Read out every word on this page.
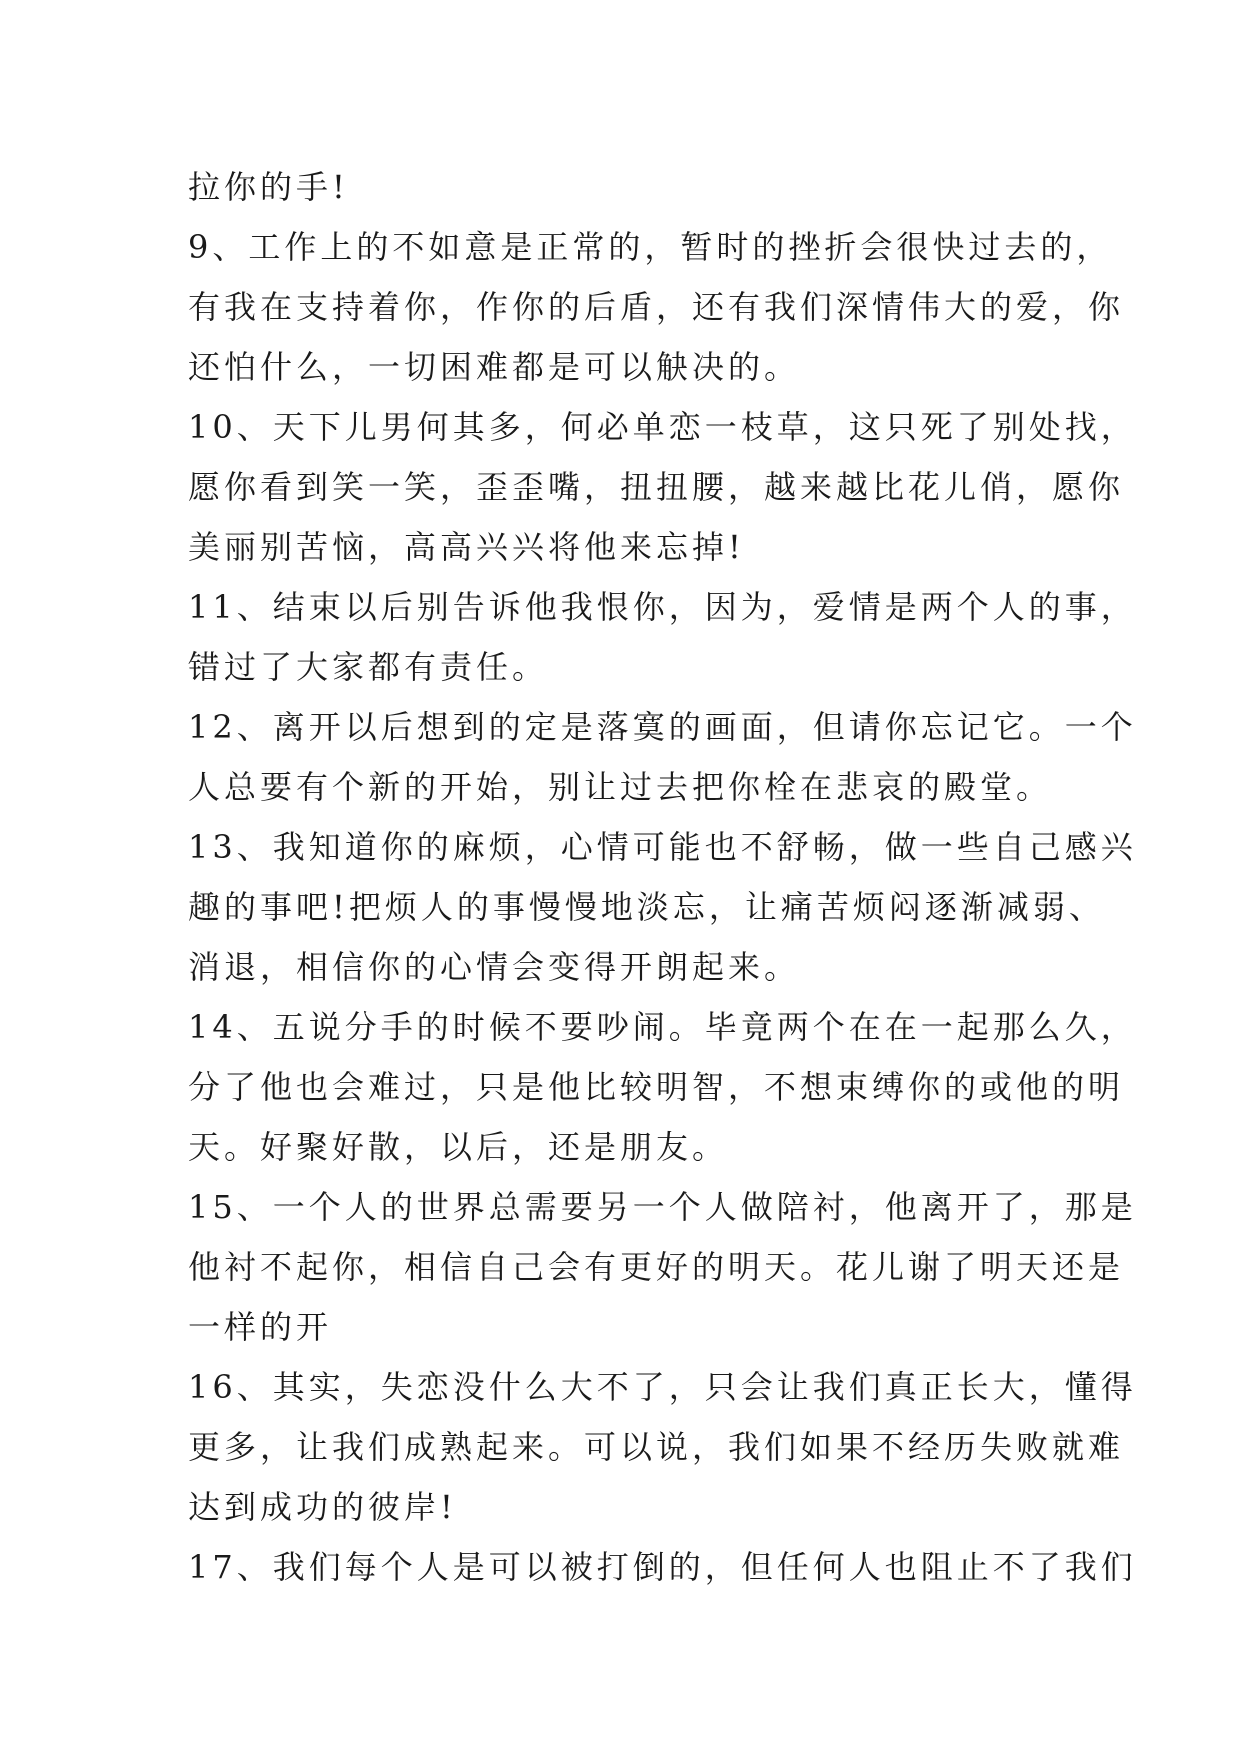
拉你的手!
9、工作上的不如意是正常的，暂时的挫折会很快过去的，
有我在支持着你，作你的后盾，还有我们深情伟大的爱，你
还怕什么，一切困难都是可以觖决的。
10、天下儿男何其多，何必单恋一枝草，这只死了别处找，
愿你看到笑一笑，歪歪嘴，扭扭腰，越来越比花儿俏，愿你
美丽别苦恼，高高兴兴将他来忘掉!
11、结束以后别告诉他我恨你，因为，爱情是两个人的事，
错过了大家都有责任。
12、离开以后想到的定是落寞的画面，但请你忘记它。一个
人总要有个新的开始，别让过去把你栓在悲哀的殿堂。
13、我知道你的麻烦，心情可能也不舒畅，做一些自己感兴
趣的事吧!把烦人的事慢慢地淡忘，让痛苦烦闷逐渐减弱、
消退，相信你的心情会变得开朗起来。
14、五说分手的时候不要吵闹。毕竟两个在在一起那么久，
分了他也会难过，只是他比较明智，不想束缚你的或他的明
天。好聚好散，以后，还是朋友。
15、一个人的世界总需要另一个人做陪衬，他离开了，那是
他衬不起你，相信自己会有更好的明天。花儿谢了明天还是
一样的开
16、其实，失恋没什么大不了，只会让我们真正长大，懂得
更多，让我们成熟起来。可以说，我们如果不经历失败就难
达到成功的彼岸!
17、我们每个人是可以被打倒的，但任何人也阻止不了我们
